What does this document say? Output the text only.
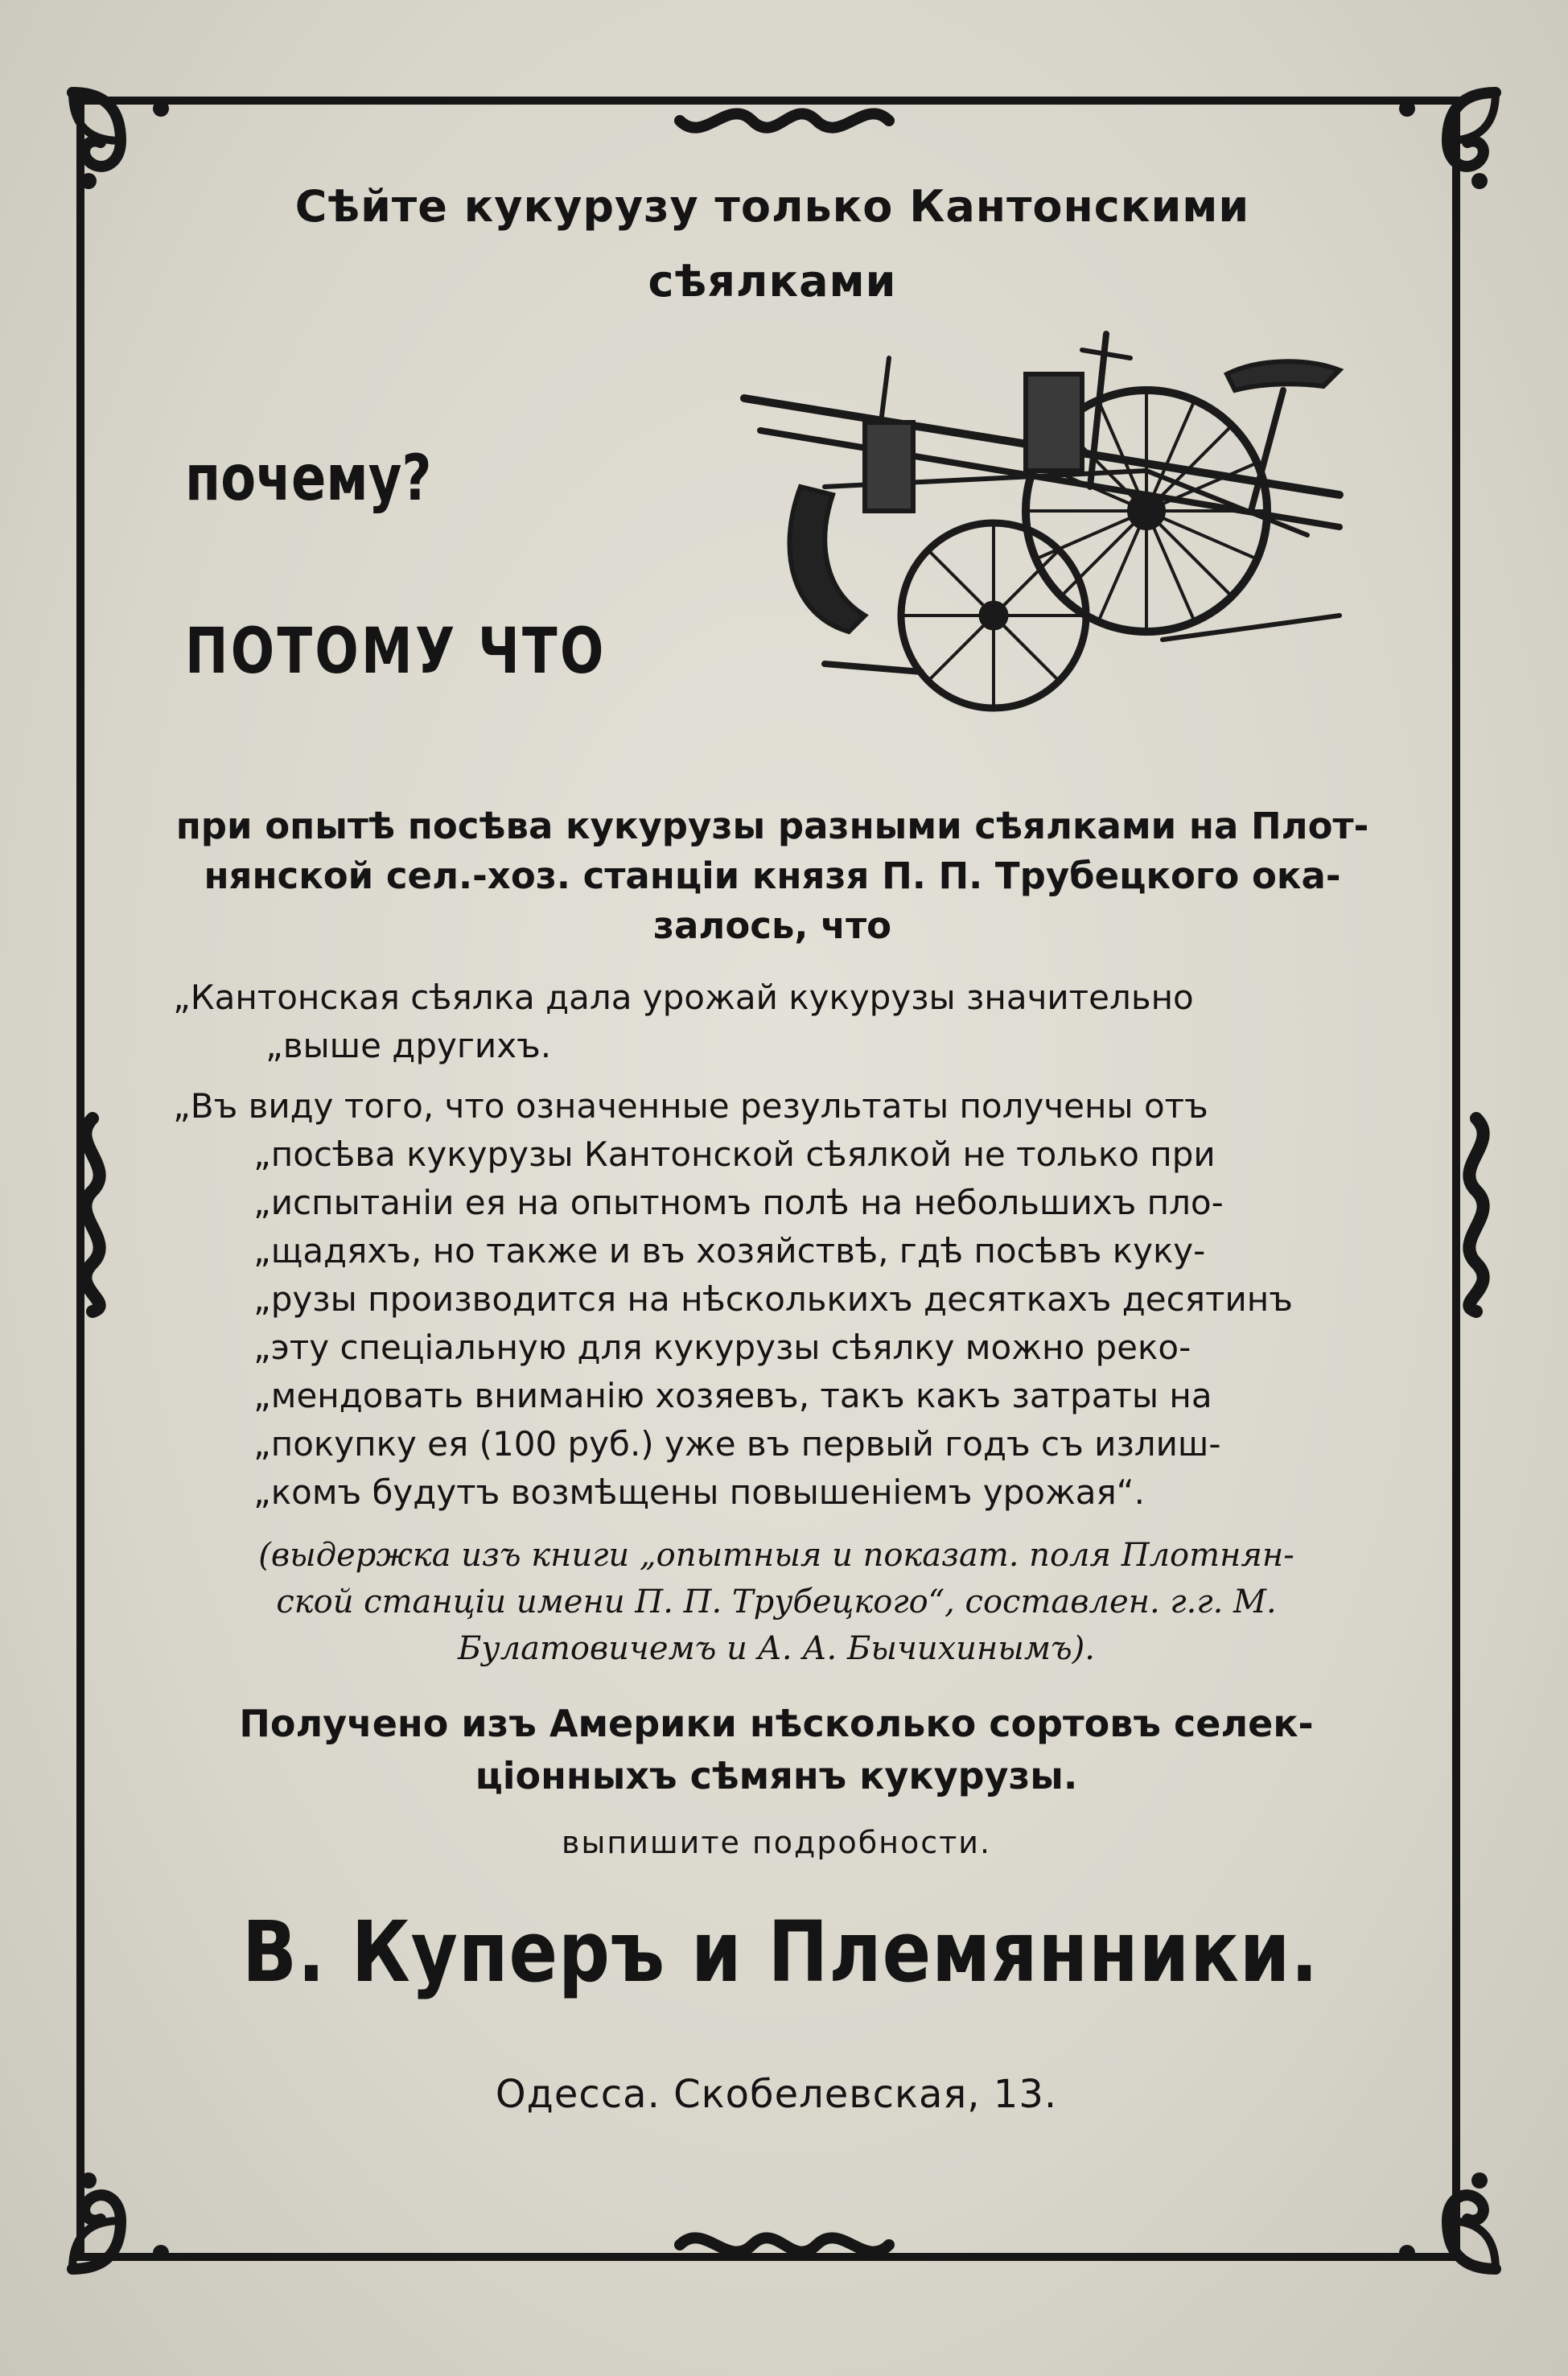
Сѣйте кукурузу только Кантонскими
сѣялками
почему?
ПОТОМУ ЧТО
при опытѣ посѣва кукурузы разными сѣялками на Плот-
нянской сел.-хоз. станціи князя П. П. Трубецкого ока-
залось, что
„Кантонская сѣялка дала урожай кукурузы значительно
„выше другихъ.
„Въ виду того, что означенные результаты получены отъ
„посѣва кукурузы Кантонской сѣялкой не только при
„испытаніи ея на опытномъ полѣ на небольшихъ пло-
„щадяхъ, но также и въ хозяйствѣ, гдѣ посѣвъ куку-
„рузы производится на нѣсколькихъ десяткахъ десятинъ
„эту спеціальную для кукурузы сѣялку можно реко-
„мендовать вниманію хозяевъ, такъ какъ затраты на
„покупку ея (100 руб.) уже въ первый годъ съ излиш-
„комъ будутъ возмѣщены повышеніемъ урожая“.
(выдержка изъ книги „опытныя и показат. поля Плотнян-
ской станціи имени П. П. Трубецкого“, составлен. г.г. М.
Булатовичемъ и А. А. Бычихинымъ).
Получено изъ Америки нѣсколько сортовъ селек-
ціонныхъ сѣмянъ кукурузы.
выпишите подробности.
В. Куперъ и Племянники.
Одесса. Скобелевская, 13.
